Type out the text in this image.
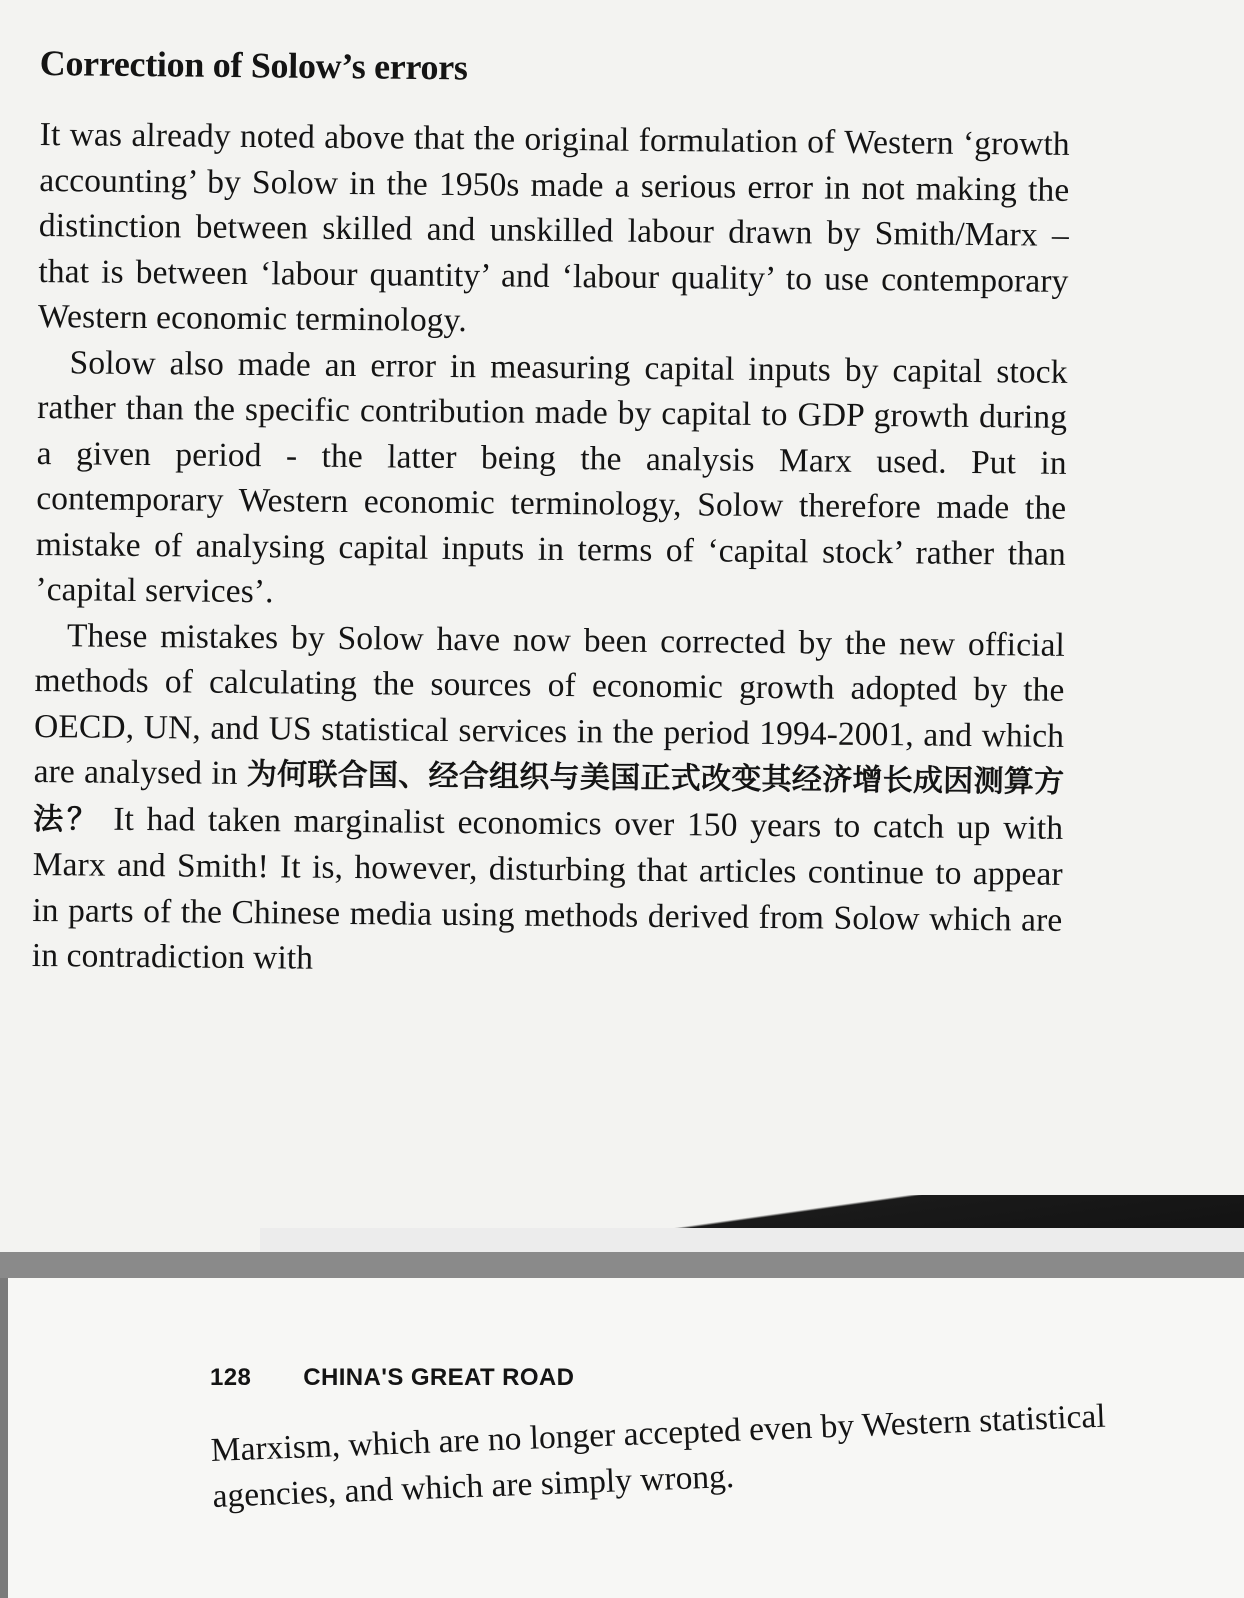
Correction of Solow’s errors

It was already noted above that the original formulation of Western ‘growth accounting’ by Solow in the 1950s made a serious error in not making the distinction between skilled and unskilled labour drawn by Smith/Marx – that is between ‘labour quantity’ and ‘labour quality’ to use contemporary Western economic terminology.

Solow also made an error in measuring capital inputs by capital stock rather than the specific contribution made by capital to GDP growth during a given period - the latter being the analysis Marx used. Put in contemporary Western economic terminology, Solow therefore made the mistake of analysing capital inputs in terms of ‘capital stock’ rather than ’capital services’.

These mistakes by Solow have now been corrected by the new official methods of calculating the sources of economic growth adopted by the OECD, UN, and US statistical services in the period 1994-2001, and which are analysed in 为何联合国、经合组织与美国正式改变其经济增长成因测算方法？ It had taken marginalist economics over 150 years to catch up with Marx and Smith! It is, however, disturbing that articles continue to appear in parts of the Chinese media using methods derived from Solow which are in contradiction with

128 CHINA'S GREAT ROAD

Marxism, which are no longer accepted even by Western statistical agencies, and which are simply wrong.
